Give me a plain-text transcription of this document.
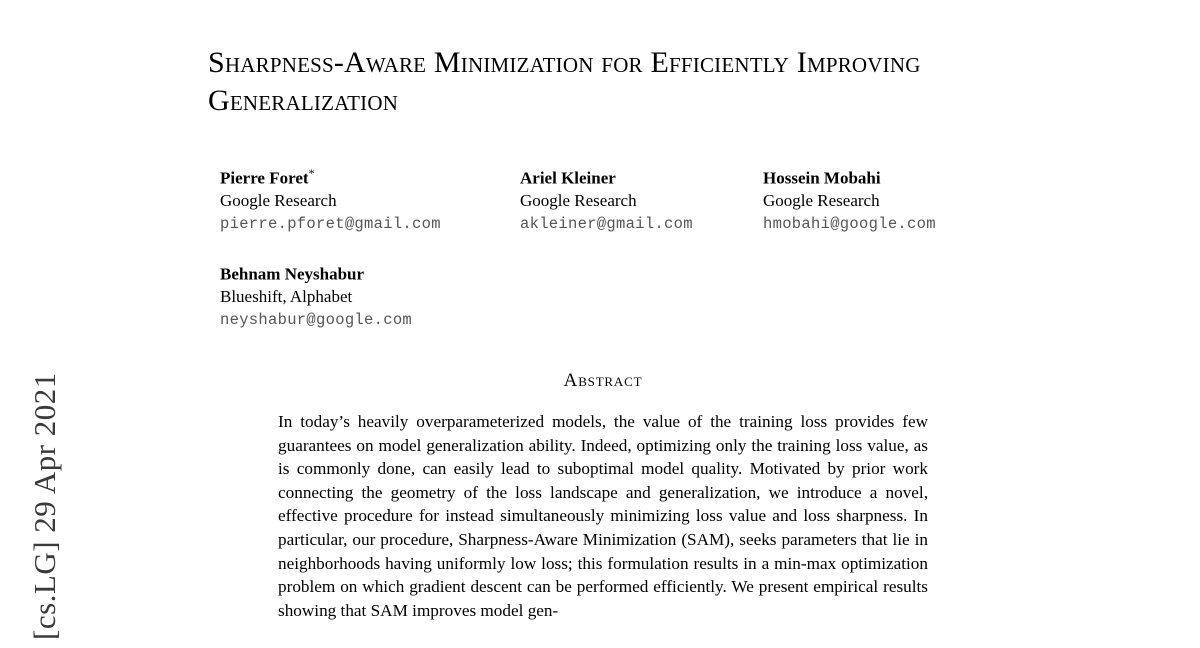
[cs.LG] 29 Apr 2021
Sharpness-Aware Minimization for Efficiently Improving Generalization
Pierre Foret*
Google Research
pierre.pforet@gmail.com
Ariel Kleiner
Google Research
akleiner@gmail.com
Hossein Mobahi
Google Research
hmobahi@google.com
Behnam Neyshabur
Blueshift, Alphabet
neyshabur@google.com
Abstract
In today’s heavily overparameterized models, the value of the training loss provides few guarantees on model generalization ability. Indeed, optimizing only the training loss value, as is commonly done, can easily lead to suboptimal model quality. Motivated by prior work connecting the geometry of the loss landscape and generalization, we introduce a novel, effective procedure for instead simultaneously minimizing loss value and loss sharpness. In particular, our procedure, Sharpness-Aware Minimization (SAM), seeks parameters that lie in neighborhoods having uniformly low loss; this formulation results in a min-max optimization problem on which gradient descent can be performed efficiently. We present empirical results showing that SAM improves model gen-
